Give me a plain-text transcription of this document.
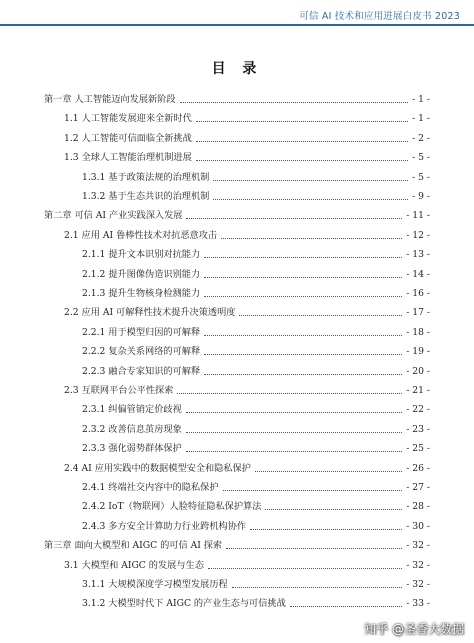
可信 AI 技术和应用进展白皮书 2023
目 录
第一章 人工智能迈向发展新阶段	- 1 -
1.1 人工智能发展迎来全新时代	- 1 -
1.2 人工智能可信面临全新挑战	- 2 -
1.3 全球人工智能治理机制进展	- 5 -
1.3.1 基于政策法规的治理机制	- 5 -
1.3.2 基于生态共识的治理机制	- 9 -
第二章 可信 AI 产业实践深入发展	- 11 -
2.1 应用 AI 鲁棒性技术对抗恶意攻击	- 12 -
2.1.1 提升文本识别对抗能力	- 13 -
2.1.2 提升图像伪造识别能力	- 14 -
2.1.3 提升生物核身检测能力	- 16 -
2.2 应用 AI 可解释性技术提升决策透明度	- 17 -
2.2.1 用于模型归因的可解释	- 18 -
2.2.2 复杂关系网络的可解释	- 19 -
2.2.3 融合专家知识的可解释	- 20 -
2.3 互联网平台公平性探索	- 21 -
2.3.1 纠偏管销定价歧视	- 22 -
2.3.2 改善信息茧房现象	- 23 -
2.3.3 强化弱势群体保护	- 25 -
2.4 AI 应用实践中的数据模型安全和隐私保护	- 26 -
2.4.1 终端社交内容中的隐私保护	- 27 -
2.4.2 IoT（物联网）人脸特征隐私保护算法	- 28 -
2.4.3 多方安全计算助力行业跨机构协作	- 30 -
第三章 面向大模型和 AIGC 的可信 AI 探索	- 32 -
3.1 大模型和 AIGC 的发展与生态	- 32 -
3.1.1 大规模深度学习模型发展历程	- 32 -
3.1.2 大模型时代下 AIGC 的产业生态与可信挑战	- 33 -
知乎 @圣香大数据
